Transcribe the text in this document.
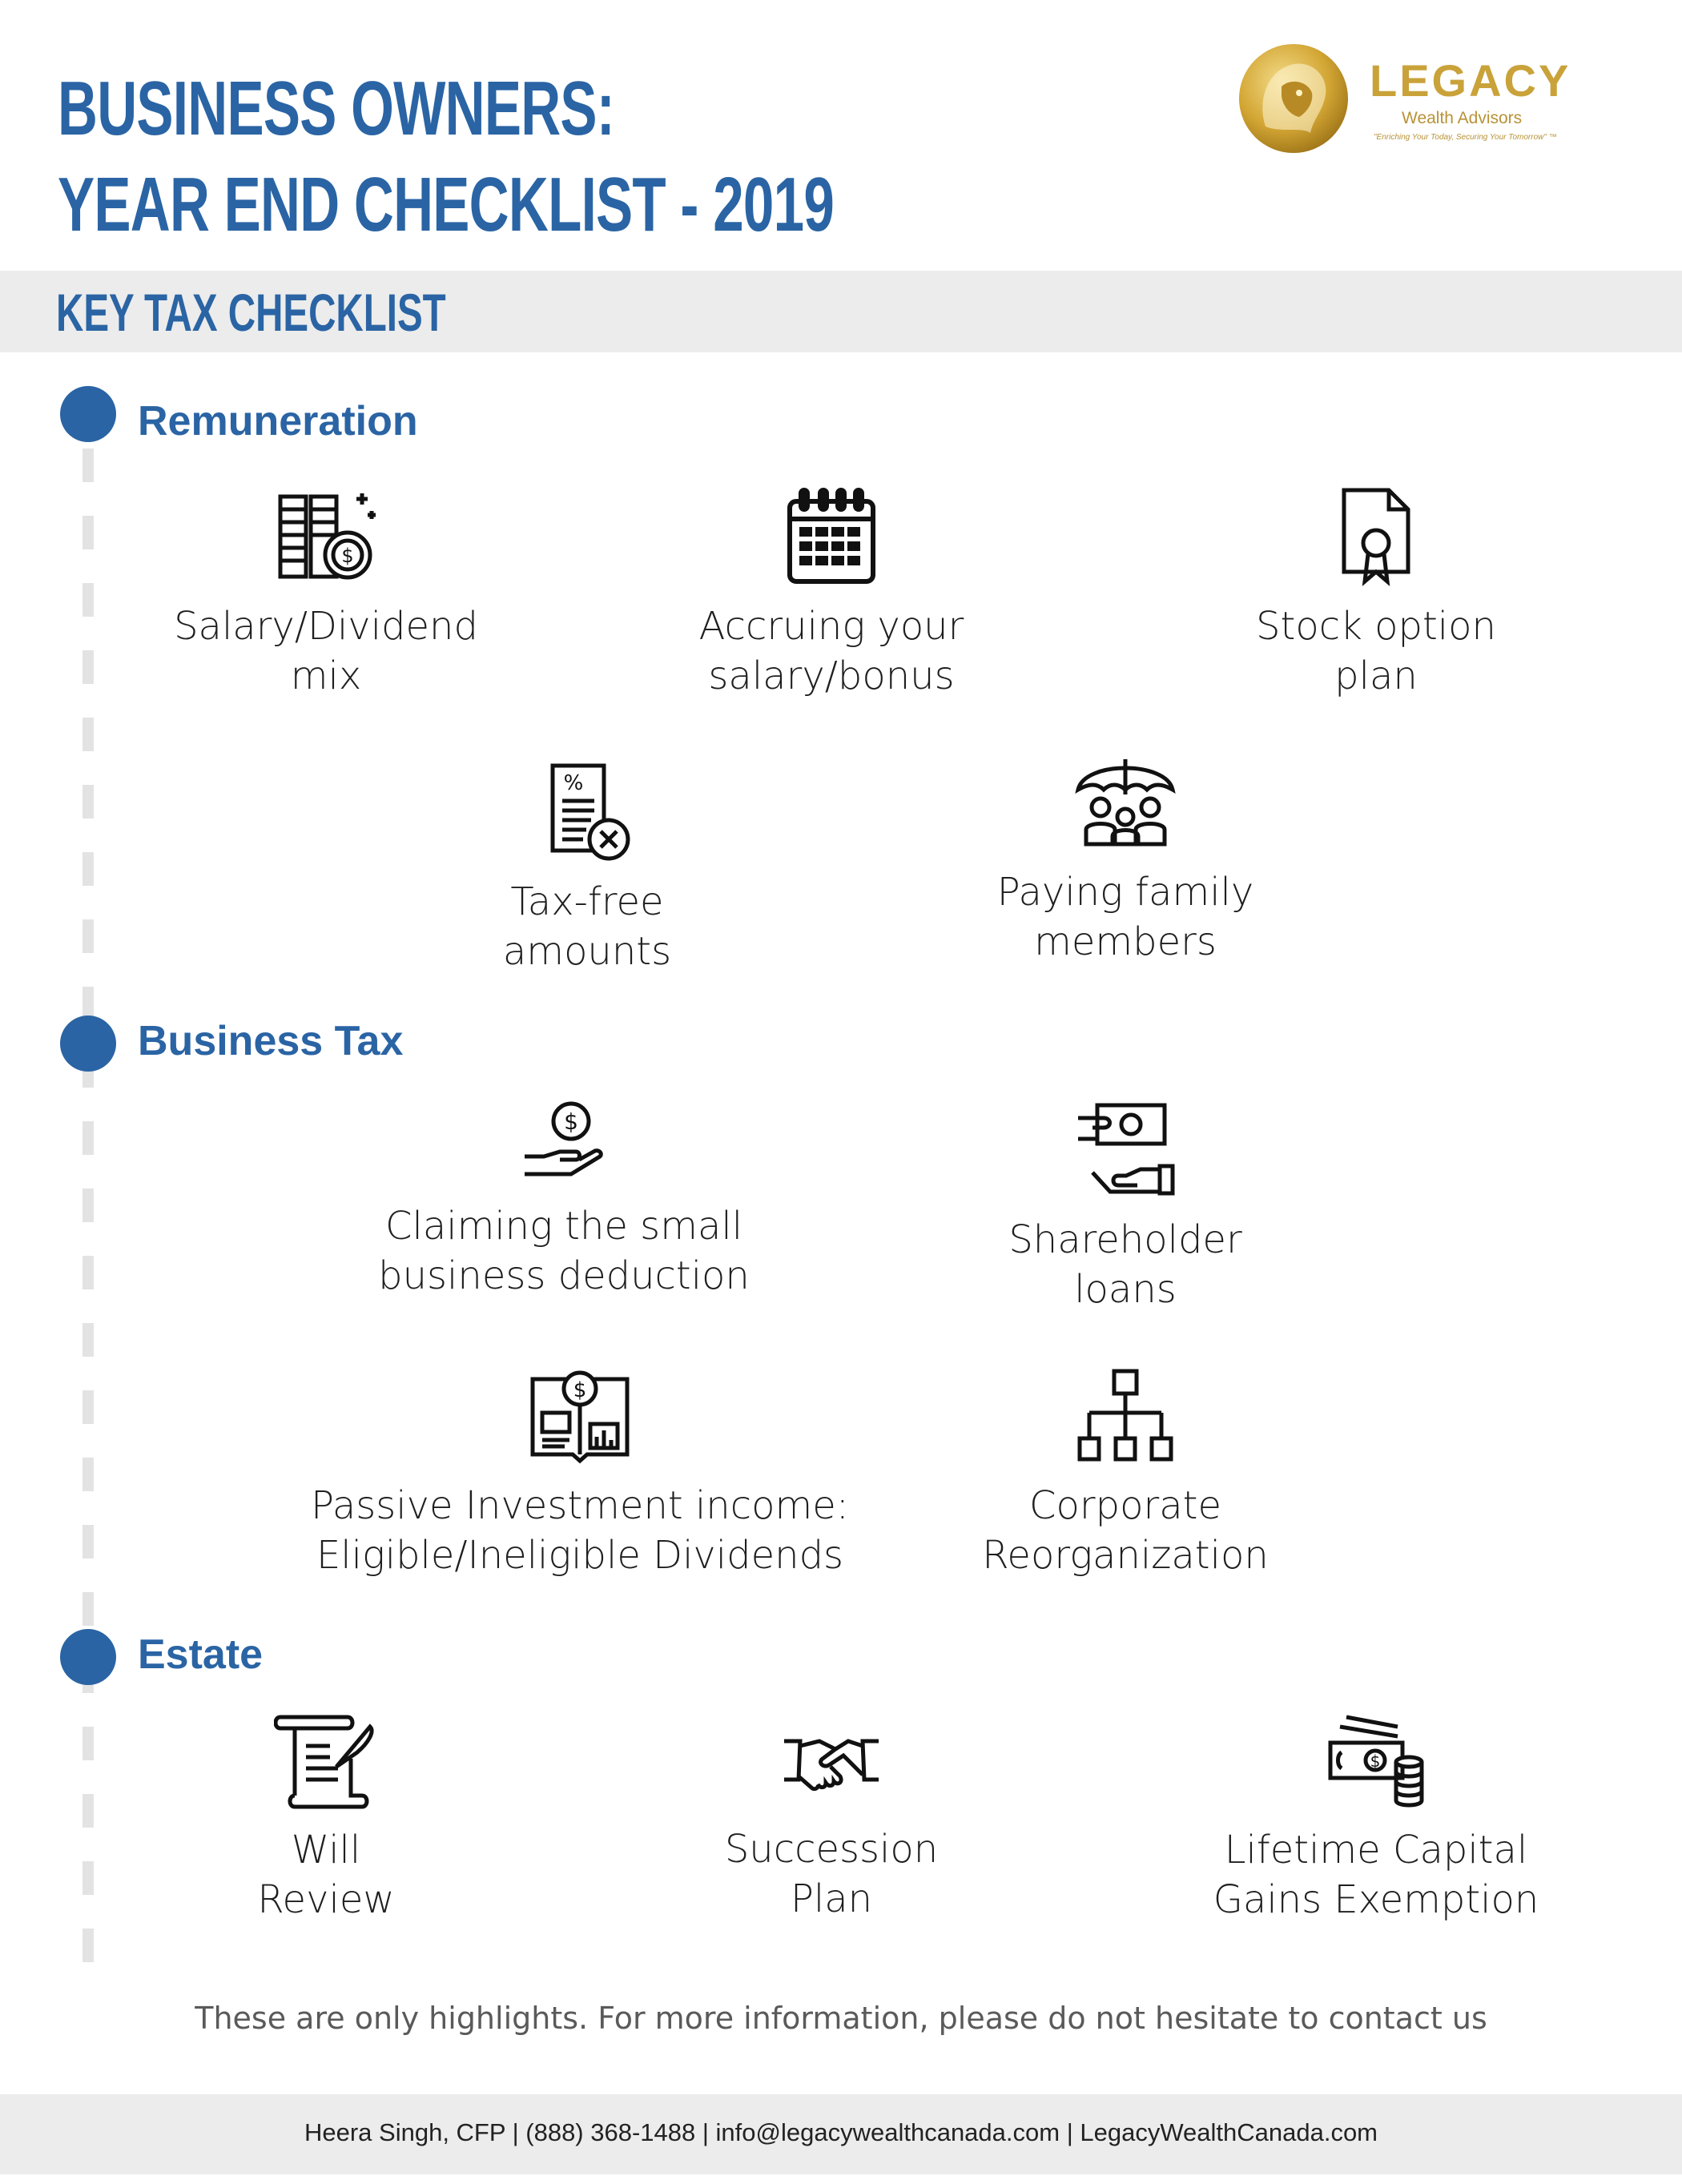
BUSINESS OWNERS:
YEAR END CHECKLIST - 2019
LEGACY
Wealth Advisors
"Enriching Your Today, Securing Your Tomorrow" ™
KEY TAX CHECKLIST
Remuneration
$
Salary/Dividend
mix
Accruing your
salary/bonus
Stock option
plan
%
Tax-free
amounts
Paying family
members
Business Tax
$
Claiming the small
business deduction
Shareholder
loans
$
Passive Investment income:
Eligible/Ineligible Dividends
Corporate
Reorganization
Estate
Will
Review
Succession
Plan
$
Lifetime Capital
Gains Exemption
These are only highlights. For more information, please do not hesitate to contact us
Heera Singh, CFP | (888) 368-1488 | info@legacywealthcanada.com | LegacyWealthCanada.com
